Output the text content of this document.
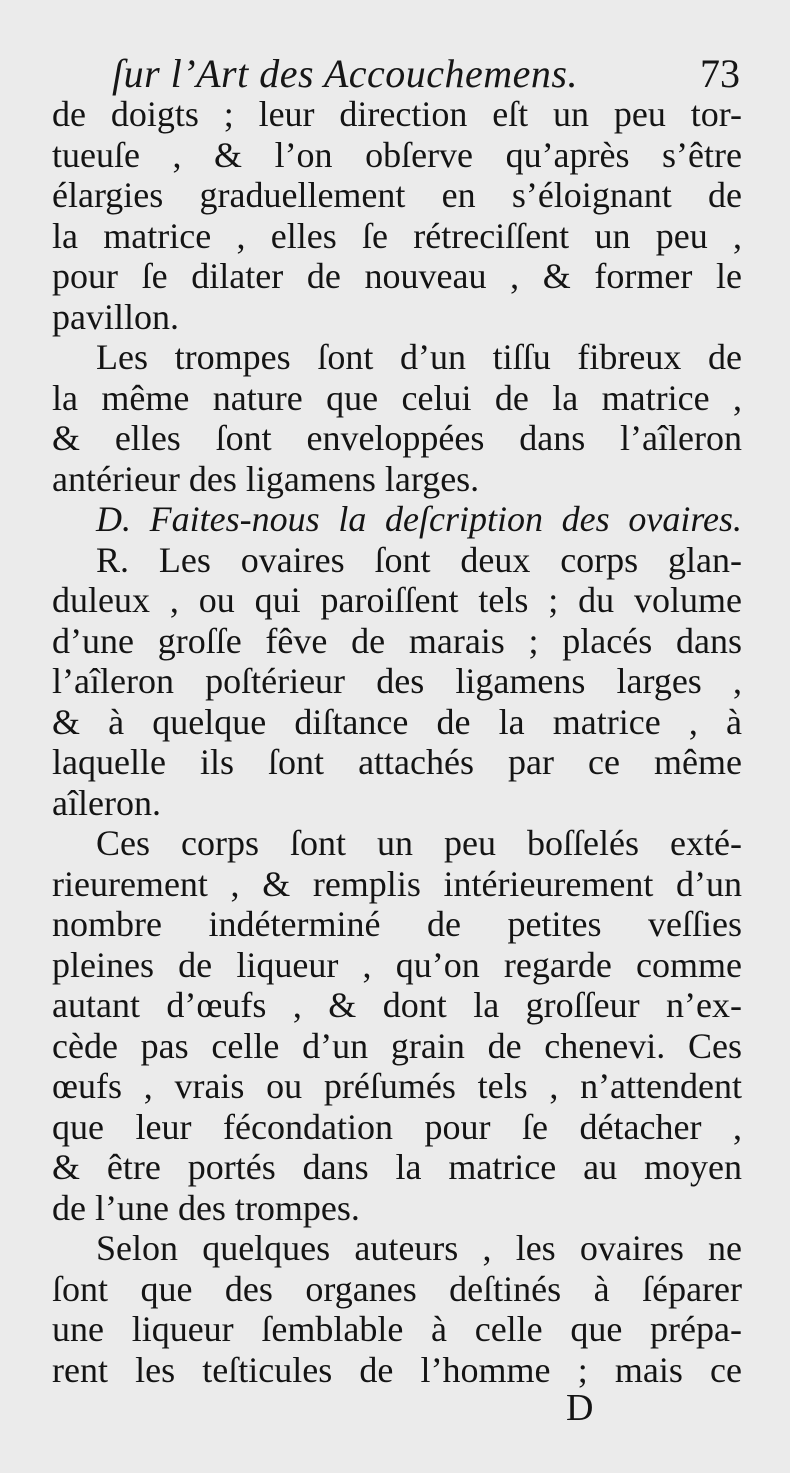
ſur l’Art des Accouchemens.	73
de doigts ; leur direction eſt un peu tor-
tueuſe , & l’on obſerve qu’après s’être
élargies graduellement en s’éloignant de
la matrice , elles ſe rétreciſſent un peu ,
pour ſe dilater de nouveau , & former le
pavillon.
Les trompes ſont d’un tiſſu fibreux de
la même nature que celui de la matrice ,
& elles ſont enveloppées dans l’aîleron
antérieur des ligamens larges.
D. Faites-nous la deſcription des ovaires.
R. Les ovaires ſont deux corps glan-
duleux , ou qui paroiſſent tels ; du volume
d’une groſſe fêve de marais ; placés dans
l’aîleron poſtérieur des ligamens larges ,
& à quelque diſtance de la matrice , à
laquelle ils ſont attachés par ce même
aîleron.
Ces corps ſont un peu boſſelés exté-
rieurement , & remplis intérieurement d’un
nombre indéterminé de petites veſſies
pleines de liqueur , qu’on regarde comme
autant d’œufs , & dont la groſſeur n’ex-
cède pas celle d’un grain de chenevi. Ces
œufs , vrais ou préſumés tels , n’attendent
que leur fécondation pour ſe détacher ,
& être portés dans la matrice au moyen
de l’une des trompes.
Selon quelques auteurs , les ovaires ne
ſont que des organes deſtinés à ſéparer
une liqueur ſemblable à celle que prépa-
rent les teſticules de l’homme ; mais ce
D
